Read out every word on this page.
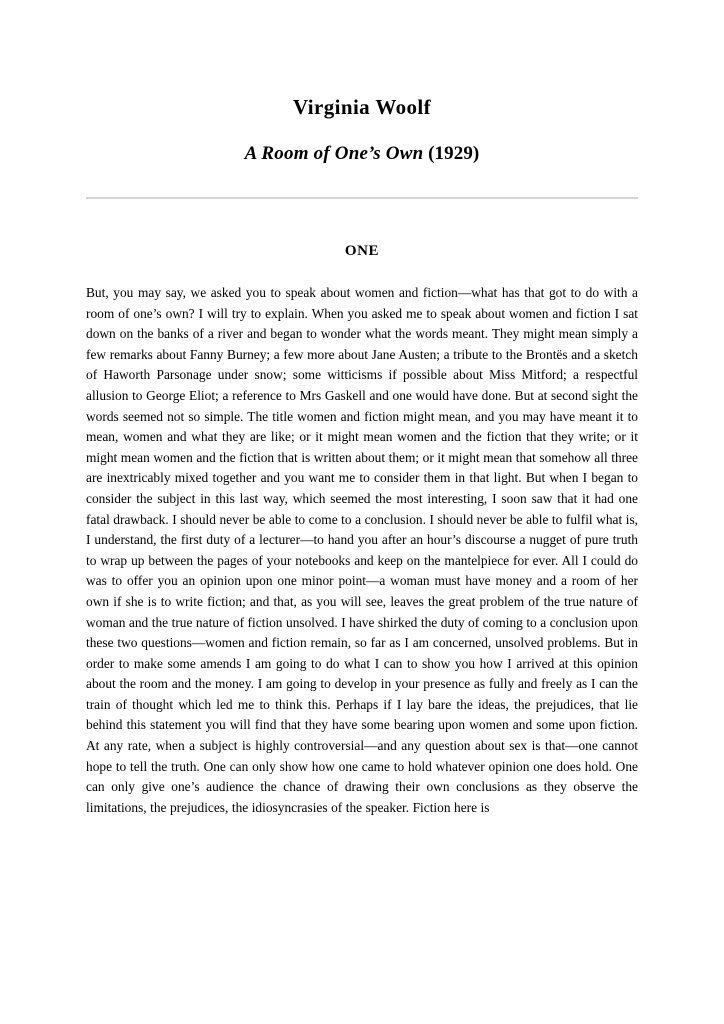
Virginia Woolf
A Room of One’s Own (1929)
ONE

But, you may say, we asked you to speak about women and fiction—what has that got to do with a room of one’s own? I will try to explain. When you asked me to speak about women and fiction I sat down on the banks of a river and began to wonder what the words meant. They might mean simply a few remarks about Fanny Burney; a few more about Jane Austen; a tribute to the Brontës and a sketch of Haworth Parsonage under snow; some witticisms if possible about Miss Mitford; a respectful allusion to George Eliot; a reference to Mrs Gaskell and one would have done. But at second sight the words seemed not so simple. The title women and fiction might mean, and you may have meant it to mean, women and what they are like; or it might mean women and the fiction that they write; or it might mean women and the fiction that is written about them; or it might mean that somehow all three are inextricably mixed together and you want me to consider them in that light. But when I began to consider the subject in this last way, which seemed the most interesting, I soon saw that it had one fatal drawback. I should never be able to come to a conclusion. I should never be able to fulfil what is, I understand, the first duty of a lecturer—to hand you after an hour’s discourse a nugget of pure truth to wrap up between the pages of your notebooks and keep on the mantelpiece for ever. All I could do was to offer you an opinion upon one minor point—a woman must have money and a room of her own if she is to write fiction; and that, as you will see, leaves the great problem of the true nature of woman and the true nature of fiction unsolved. I have shirked the duty of coming to a conclusion upon these two questions—women and fiction remain, so far as I am concerned, unsolved problems. But in order to make some amends I am going to do what I can to show you how I arrived at this opinion about the room and the money. I am going to develop in your presence as fully and freely as I can the train of thought which led me to think this. Perhaps if I lay bare the ideas, the prejudices, that lie behind this statement you will find that they have some bearing upon women and some upon fiction. At any rate, when a subject is highly controversial—and any question about sex is that—one cannot hope to tell the truth. One can only show how one came to hold whatever opinion one does hold. One can only give one’s audience the chance of drawing their own conclusions as they observe the limitations, the prejudices, the idiosyncrasies of the speaker. Fiction here is
